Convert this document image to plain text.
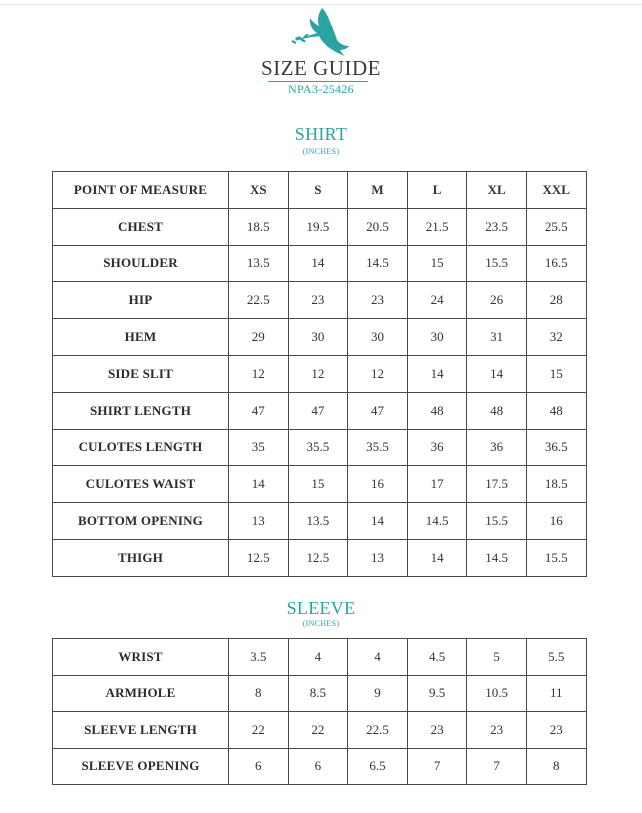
SIZE GUIDE
NPA3-25426
SHIRT
(INCHES)
POINT OF MEASURE	XS	S	M	L	XL	XXL
CHEST	18.5	19.5	20.5	21.5	23.5	25.5
SHOULDER	13.5	14	14.5	15	15.5	16.5
HIP	22.5	23	23	24	26	28
HEM	29	30	30	30	31	32
SIDE SLIT	12	12	12	14	14	15
SHIRT LENGTH	47	47	47	48	48	48
CULOTES LENGTH	35	35.5	35.5	36	36	36.5
CULOTES WAIST	14	15	16	17	17.5	18.5
BOTTOM OPENING	13	13.5	14	14.5	15.5	16
THIGH	12.5	12.5	13	14	14.5	15.5
SLEEVE
(INCHES)
WRIST	3.5	4	4	4.5	5	5.5
ARMHOLE	8	8.5	9	9.5	10.5	11
SLEEVE LENGTH	22	22	22.5	23	23	23
SLEEVE OPENING	6	6	6.5	7	7	8
